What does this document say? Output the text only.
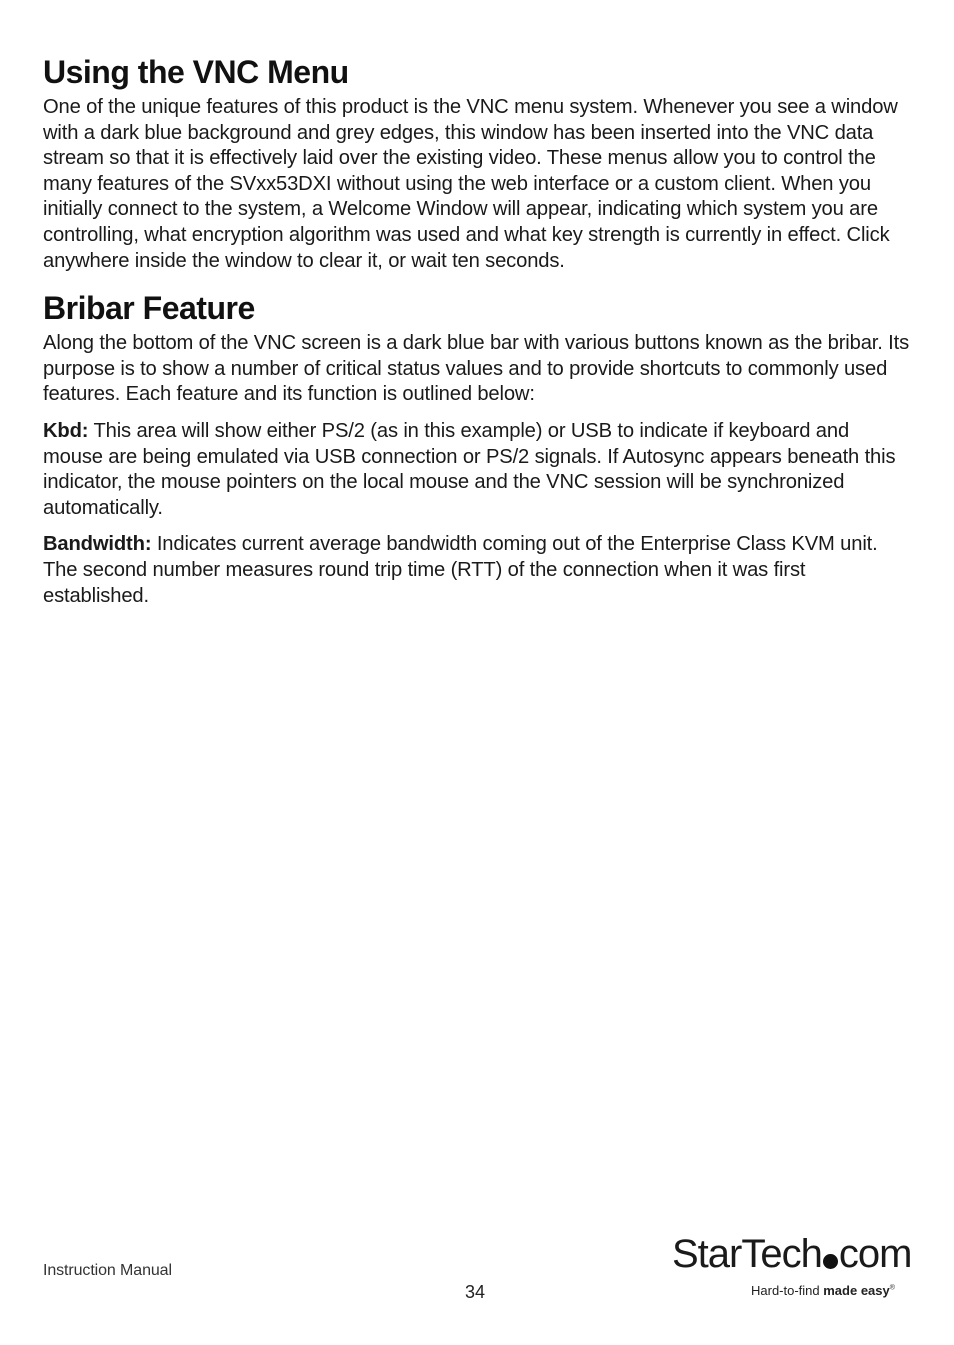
Using the VNC Menu

One of the unique features of this product is the VNC menu system. Whenever you see a window with a dark blue background and grey edges, this window has been inserted into the VNC data stream so that it is effectively laid over the existing video. These menus allow you to control the many features of the SVxx53DXI without using the web interface or a custom client. When you initially connect to the system, a Welcome Window will appear, indicating which system you are controlling, what encryption algorithm was used and what key strength is currently in effect. Click anywhere inside the window to clear it, or wait ten seconds.

Bribar Feature

Along the bottom of the VNC screen is a dark blue bar with various buttons known as the bribar. Its purpose is to show a number of critical status values and to provide shortcuts to commonly used features. Each feature and its function is outlined below:

Kbd: This area will show either PS/2 (as in this example) or USB to indicate if keyboard and mouse are being emulated via USB connection or PS/2 signals. If Autosync appears beneath this indicator, the mouse pointers on the local mouse and the VNC session will be synchronized automatically.

Bandwidth: Indicates current average bandwidth coming out of the Enterprise Class KVM unit. The second number measures round trip time (RTT) of the connection when it was first established.

Instruction Manual
34
StarTech com
Hard-to-find made easy®
